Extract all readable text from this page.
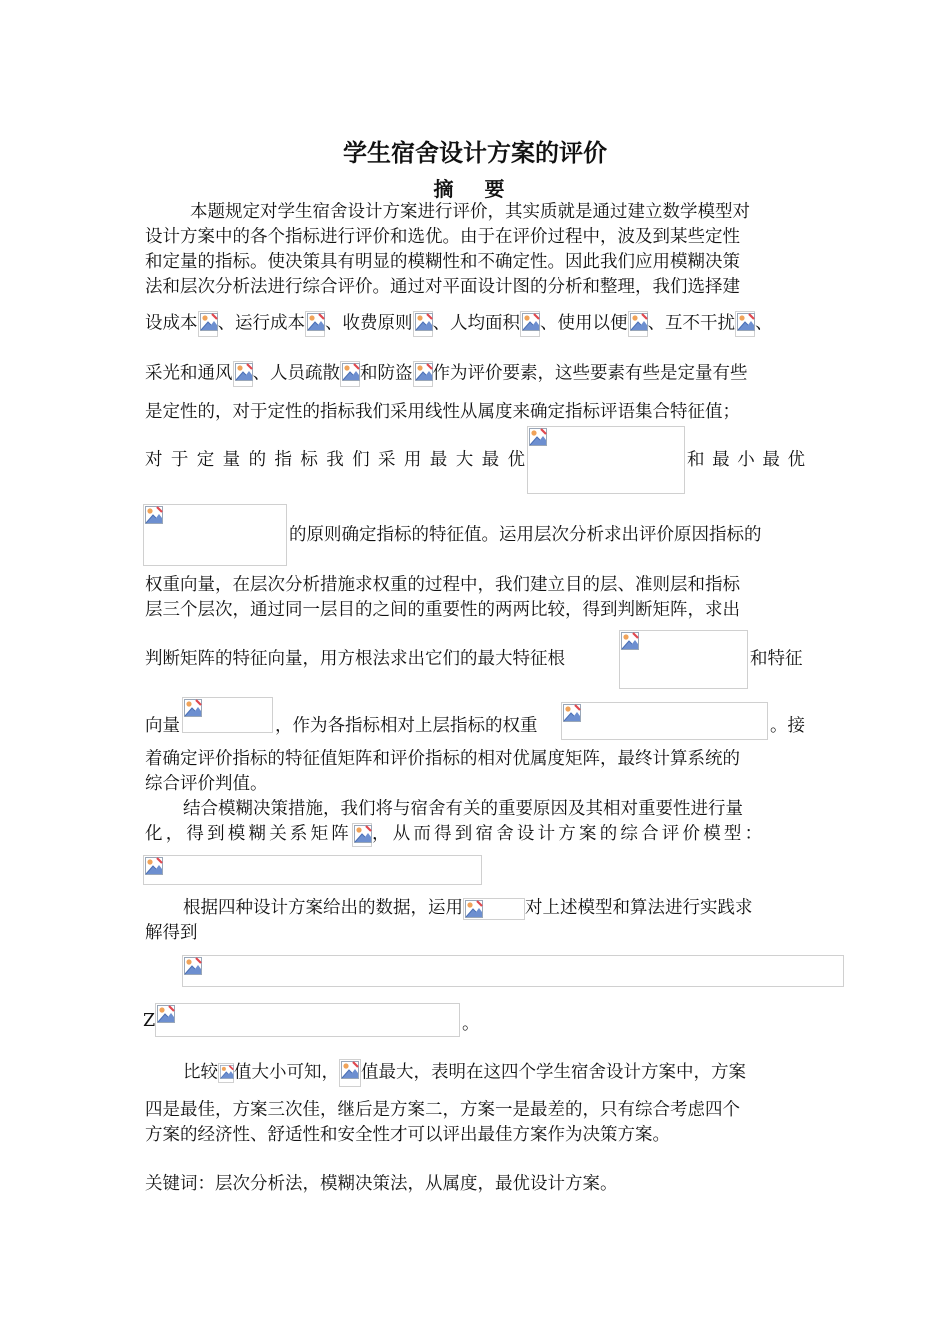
学生宿舍设计方案的评价
摘 要
本题规定对学生宿舍设计方案进行评价，其实质就是通过建立数学模型对
设计方案中的各个指标进行评价和选优。由于在评价过程中，波及到某些定性
和定量的指标。使决策具有明显的模糊性和不确定性。因此我们应用模糊决策
法和层次分析法进行综合评价。通过对平面设计图的分析和整理，我们选择建
设成本 、运行成本 、收费原则 、人均面积 、使用以便 、互不干扰 、
采光和通风 、人员疏散 和防盗 作为评价要素，这些要素有些是定量有些
是定性的，对于定性的指标我们采用线性从属度来确定指标评语集合特征值；
对 于 定 量 的 指 标 我 们 采 用 最 大 最 优	和 最 小 最 优
的原则确定指标的特征值。运用层次分析求出评价原因指标的
权重向量，在层次分析措施求权重的过程中，我们建立目的层、准则层和指标
层三个层次，通过同一层目的之间的重要性的两两比较，得到判断矩阵，求出
判断矩阵的特征向量，用方根法求出它们的最大特征根	和特征
向量	，作为各指标相对上层指标的权重	。接
着确定评价指标的特征值矩阵和评价指标的相对优属度矩阵，最终计算系统的
综合评价判值。
结合模糊决策措施，我们将与宿舍有关的重要原因及其相对重要性进行量
化，得到模糊关系矩阵 ，从而得到宿舍设计方案的综合评价模型：
根据四种设计方案给出的数据，运用	对上述模型和算法进行实践求
解得到
Z	。
比较 值大小可知， 值最大，表明在这四个学生宿舍设计方案中，方案
四是最佳，方案三次佳，继后是方案二，方案一是最差的，只有综合考虑四个
方案的经济性、舒适性和安全性才可以评出最佳方案作为决策方案。
关键词：层次分析法，模糊决策法，从属度，最优设计方案。
